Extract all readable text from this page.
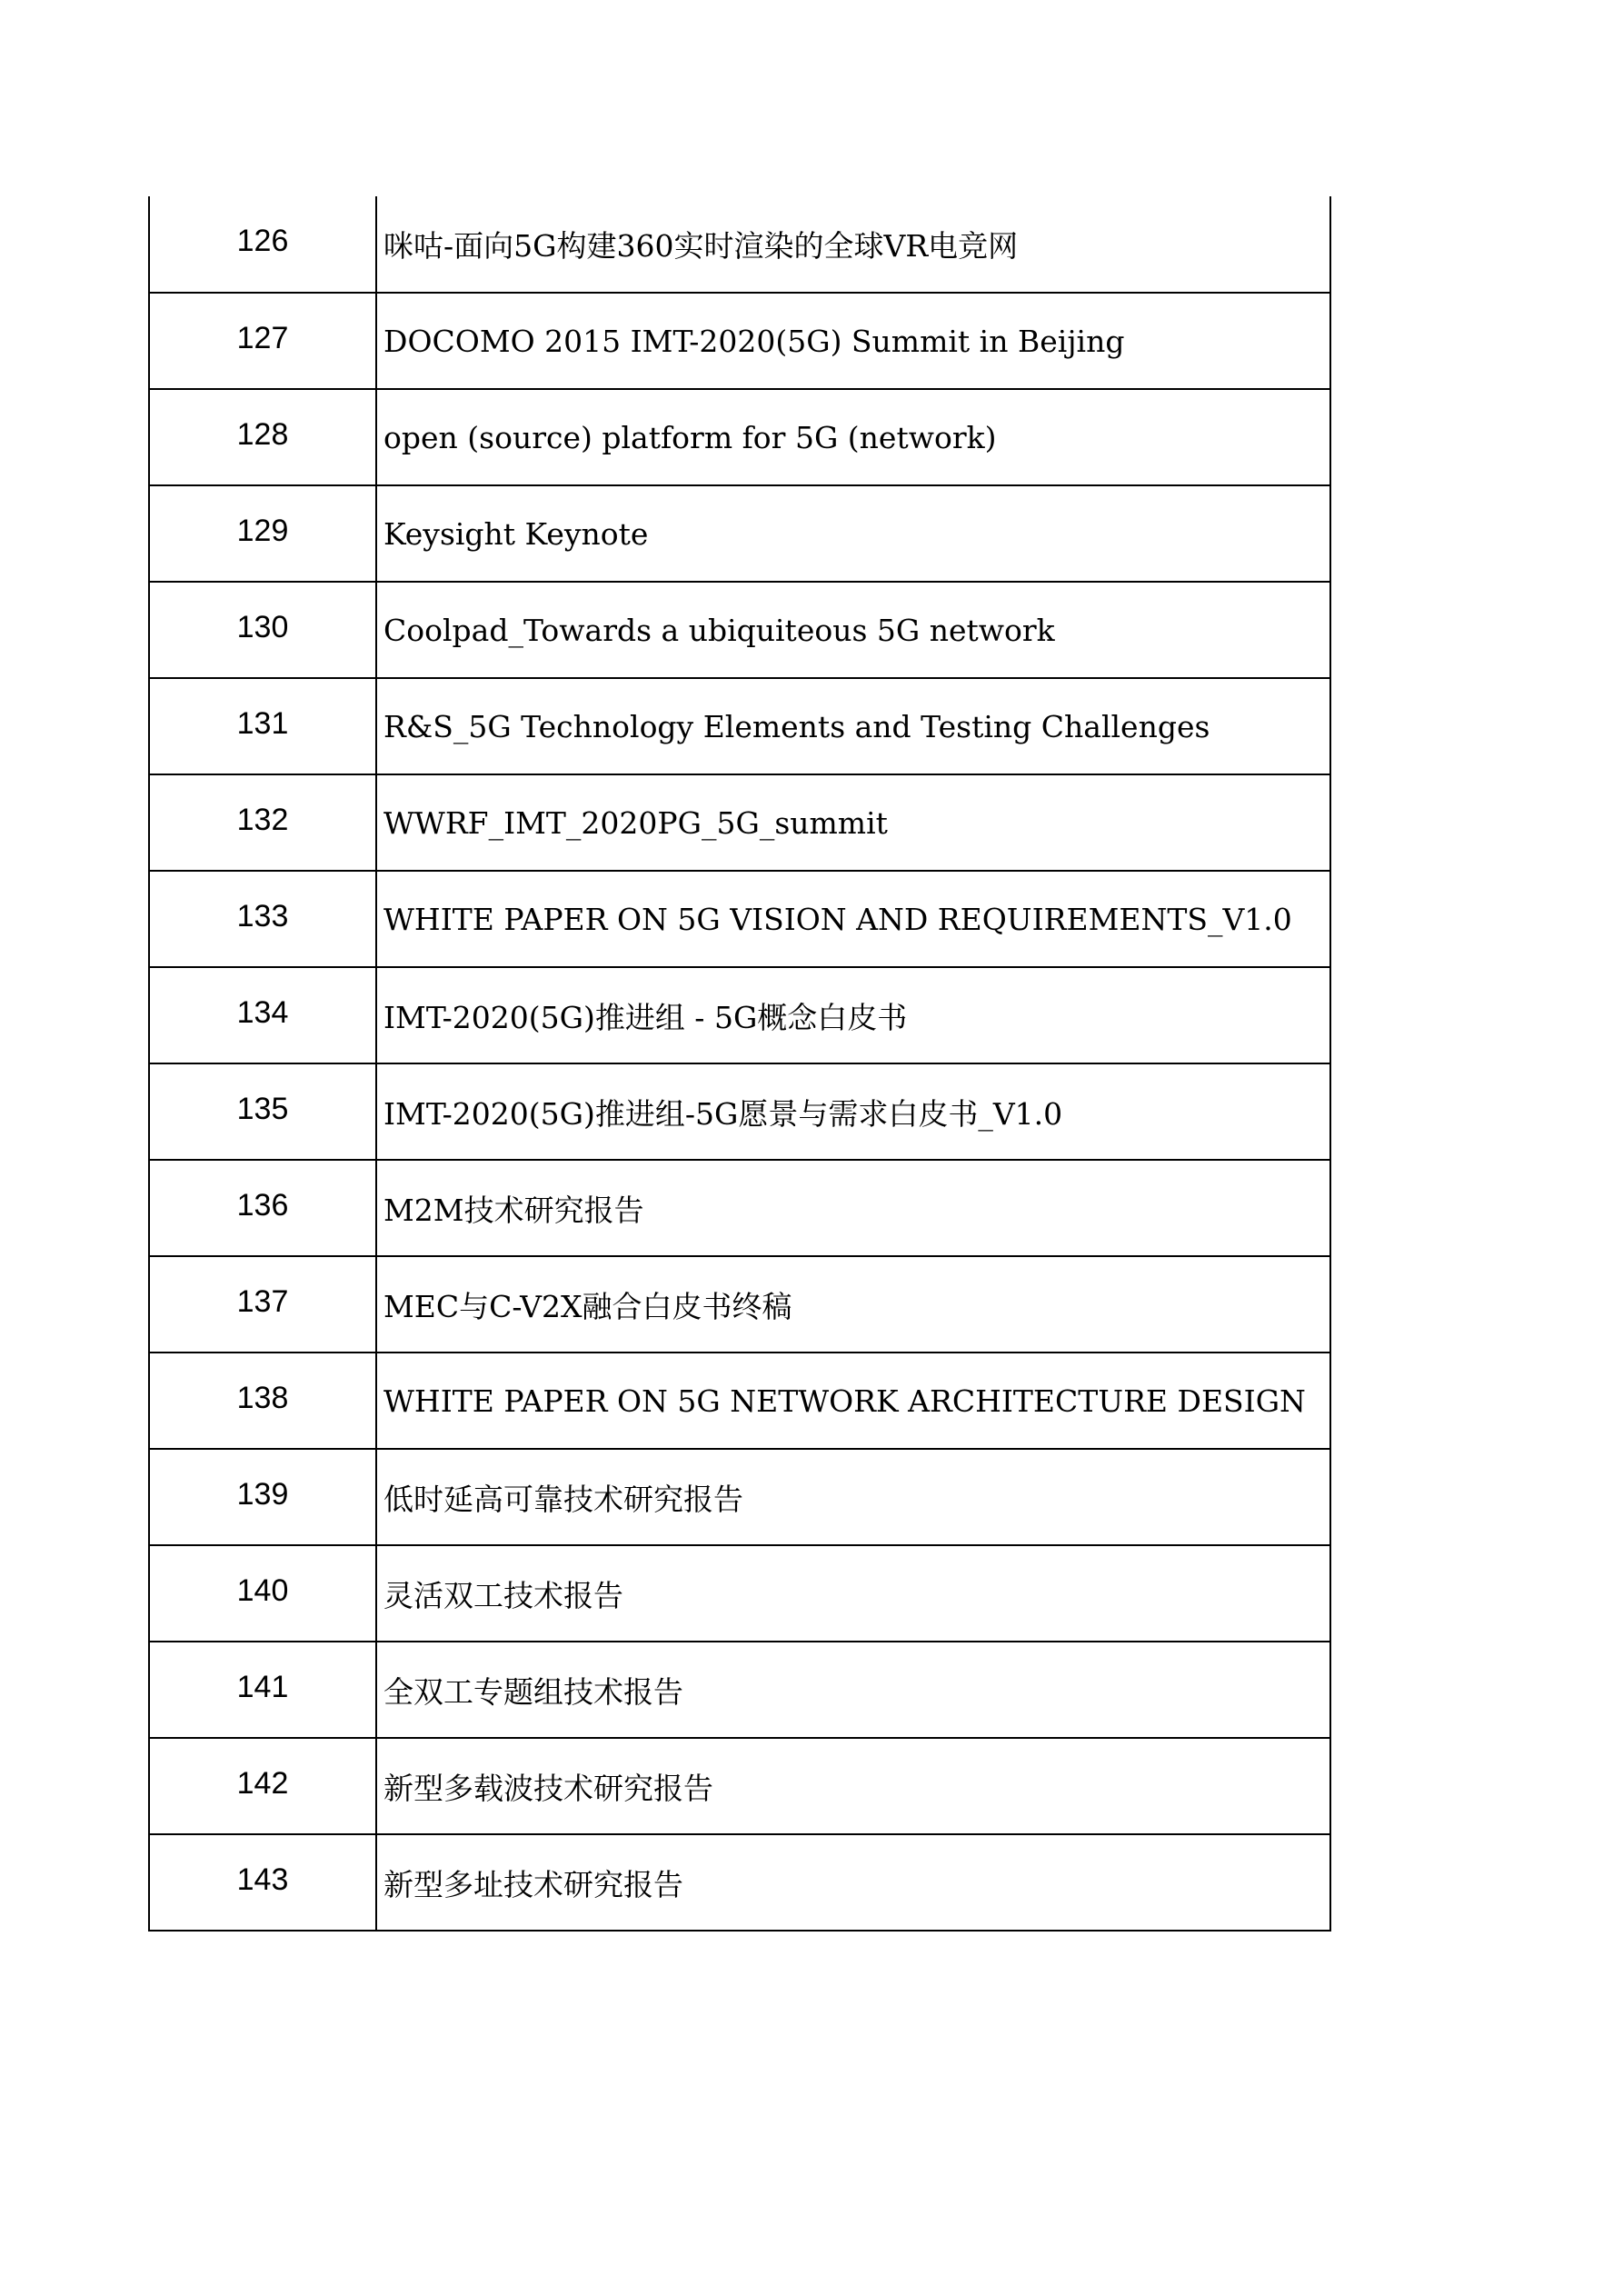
126	咪咕-面向5G构建360实时渲染的全球VR电竞网
127	DOCOMO 2015 IMT-2020(5G) Summit in Beijing
128	open (source) platform for 5G (network)
129	Keysight Keynote
130	Coolpad_Towards a ubiquiteous 5G network
131	R&S_5G Technology Elements and Testing Challenges
132	WWRF_IMT_2020PG_5G_summit
133	WHITE PAPER ON 5G VISION AND REQUIREMENTS_V1.0
134	IMT-2020(5G)推进组 - 5G概念白皮书
135	IMT-2020(5G)推进组-5G愿景与需求白皮书_V1.0
136	M2M技术研究报告
137	MEC与C-V2X融合白皮书终稿
138	WHITE PAPER ON 5G NETWORK ARCHITECTURE DESIGN
139	低时延高可靠技术研究报告
140	灵活双工技术报告
141	全双工专题组技术报告
142	新型多载波技术研究报告
143	新型多址技术研究报告
